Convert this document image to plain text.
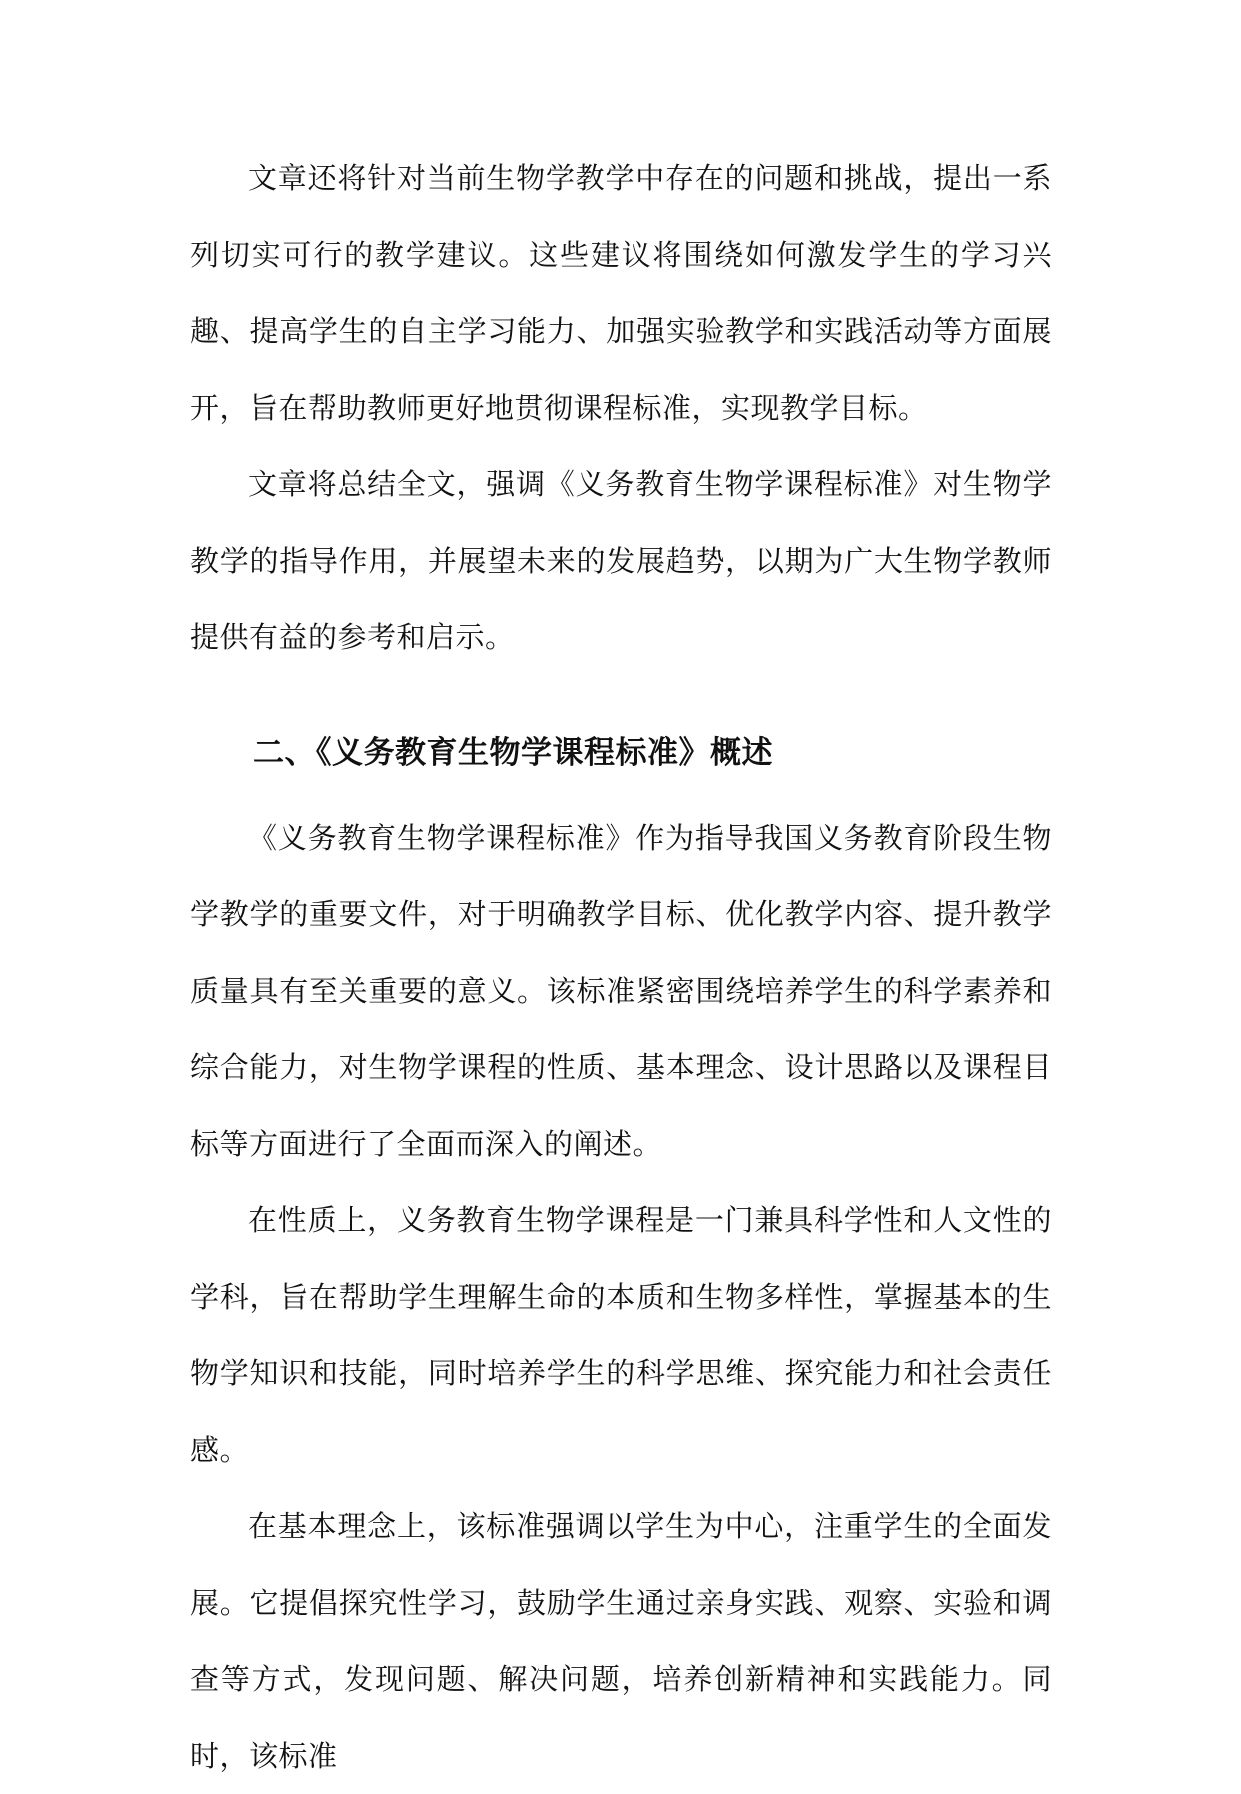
文章还将针对当前生物学教学中存在的问题和挑战，提出一系列切实可行的教学建议。这些建议将围绕如何激发学生的学习兴趣、提高学生的自主学习能力、加强实验教学和实践活动等方面展开，旨在帮助教师更好地贯彻课程标准，实现教学目标。

文章将总结全文，强调《义务教育生物学课程标准》对生物学教学的指导作用，并展望未来的发展趋势，以期为广大生物学教师提供有益的参考和启示。

二、《义务教育生物学课程标准》概述

《义务教育生物学课程标准》作为指导我国义务教育阶段生物学教学的重要文件，对于明确教学目标、优化教学内容、提升教学质量具有至关重要的意义。该标准紧密围绕培养学生的科学素养和综合能力，对生物学课程的性质、基本理念、设计思路以及课程目标等方面进行了全面而深入的阐述。

在性质上，义务教育生物学课程是一门兼具科学性和人文性的学科，旨在帮助学生理解生命的本质和生物多样性，掌握基本的生物学知识和技能，同时培养学生的科学思维、探究能力和社会责任感。

在基本理念上，该标准强调以学生为中心，注重学生的全面发展。它提倡探究性学习，鼓励学生通过亲身实践、观察、实验和调查等方式，发现问题、解决问题，培养创新精神和实践能力。同时，该标准
